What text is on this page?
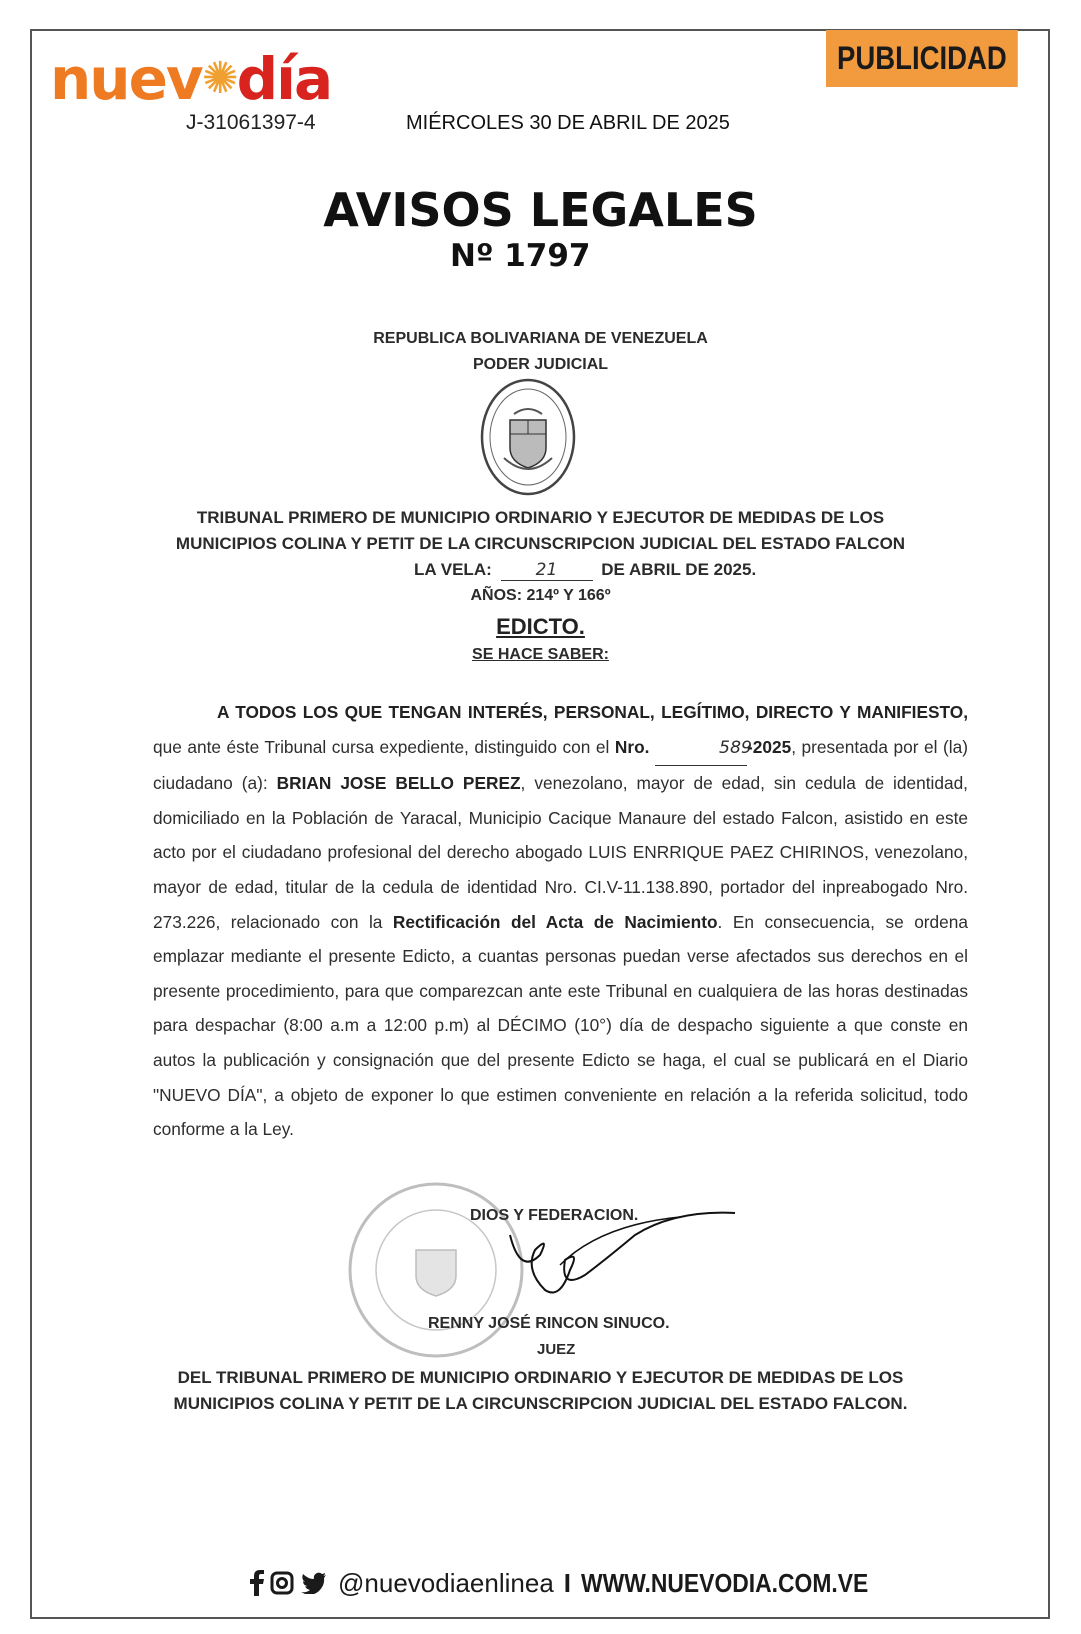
nuev✺día
J-31061397-4	MIÉRCOLES 30 DE ABRIL DE 2025
PUBLICIDAD
AVISOS LEGALES
Nº 1797
REPUBLICA BOLIVARIANA DE VENEZUELA
PODER JUDICIAL
TRIBUNAL PRIMERO DE MUNICIPIO ORDINARIO Y EJECUTOR DE MEDIDAS DE LOS
MUNICIPIOS COLINA Y PETIT DE LA CIRCUNSCRIPCION JUDICIAL DEL ESTADO FALCON
LA VELA:	21	DE ABRIL DE 2025.
AÑOS: 214º Y 166º
EDICTO.
SE HACE SABER:
A TODOS LOS QUE TENGAN INTERÉS, PERSONAL, LEGÍTIMO, DIRECTO Y MANIFIESTO, que ante éste Tribunal cursa expediente, distinguido con el Nro.	589-2025, presentada por el (la) ciudadano (a): BRIAN JOSE BELLO PEREZ, venezolano, mayor de edad, sin cedula de identidad, domiciliado en la Población de Yaracal, Municipio Cacique Manaure del estado Falcon, asistido en este acto por el ciudadano profesional del derecho abogado LUIS ENRRIQUE PAEZ CHIRINOS, venezolano, mayor de edad, titular de la cedula de identidad Nro. CI.V-11.138.890, portador del inpreabogado Nro. 273.226, relacionado con la Rectificación del Acta de Nacimiento. En consecuencia, se ordena emplazar mediante el presente Edicto, a cuantas personas puedan verse afectados sus derechos en el presente procedimiento, para que comparezcan ante este Tribunal en cualquiera de las horas destinadas para despachar (8:00 a.m a 12:00 p.m) al DÉCIMO (10°) día de despacho siguiente a que conste en autos la publicación y consignación que del presente Edicto se haga, el cual se publicará en el Diario "NUEVO DÍA", a objeto de exponer lo que estimen conveniente en relación a la referida solicitud, todo conforme a la Ley.
DIOS Y FEDERACION.
RENNY JOSÉ RINCON SINUCO.
JUEZ
DEL TRIBUNAL PRIMERO DE MUNICIPIO ORDINARIO Y EJECUTOR DE MEDIDAS DE LOS
MUNICIPIOS COLINA Y PETIT DE LA CIRCUNSCRIPCION JUDICIAL DEL ESTADO FALCON.
@nuevodiaenlinea I WWW.NUEVODIA.COM.VE
